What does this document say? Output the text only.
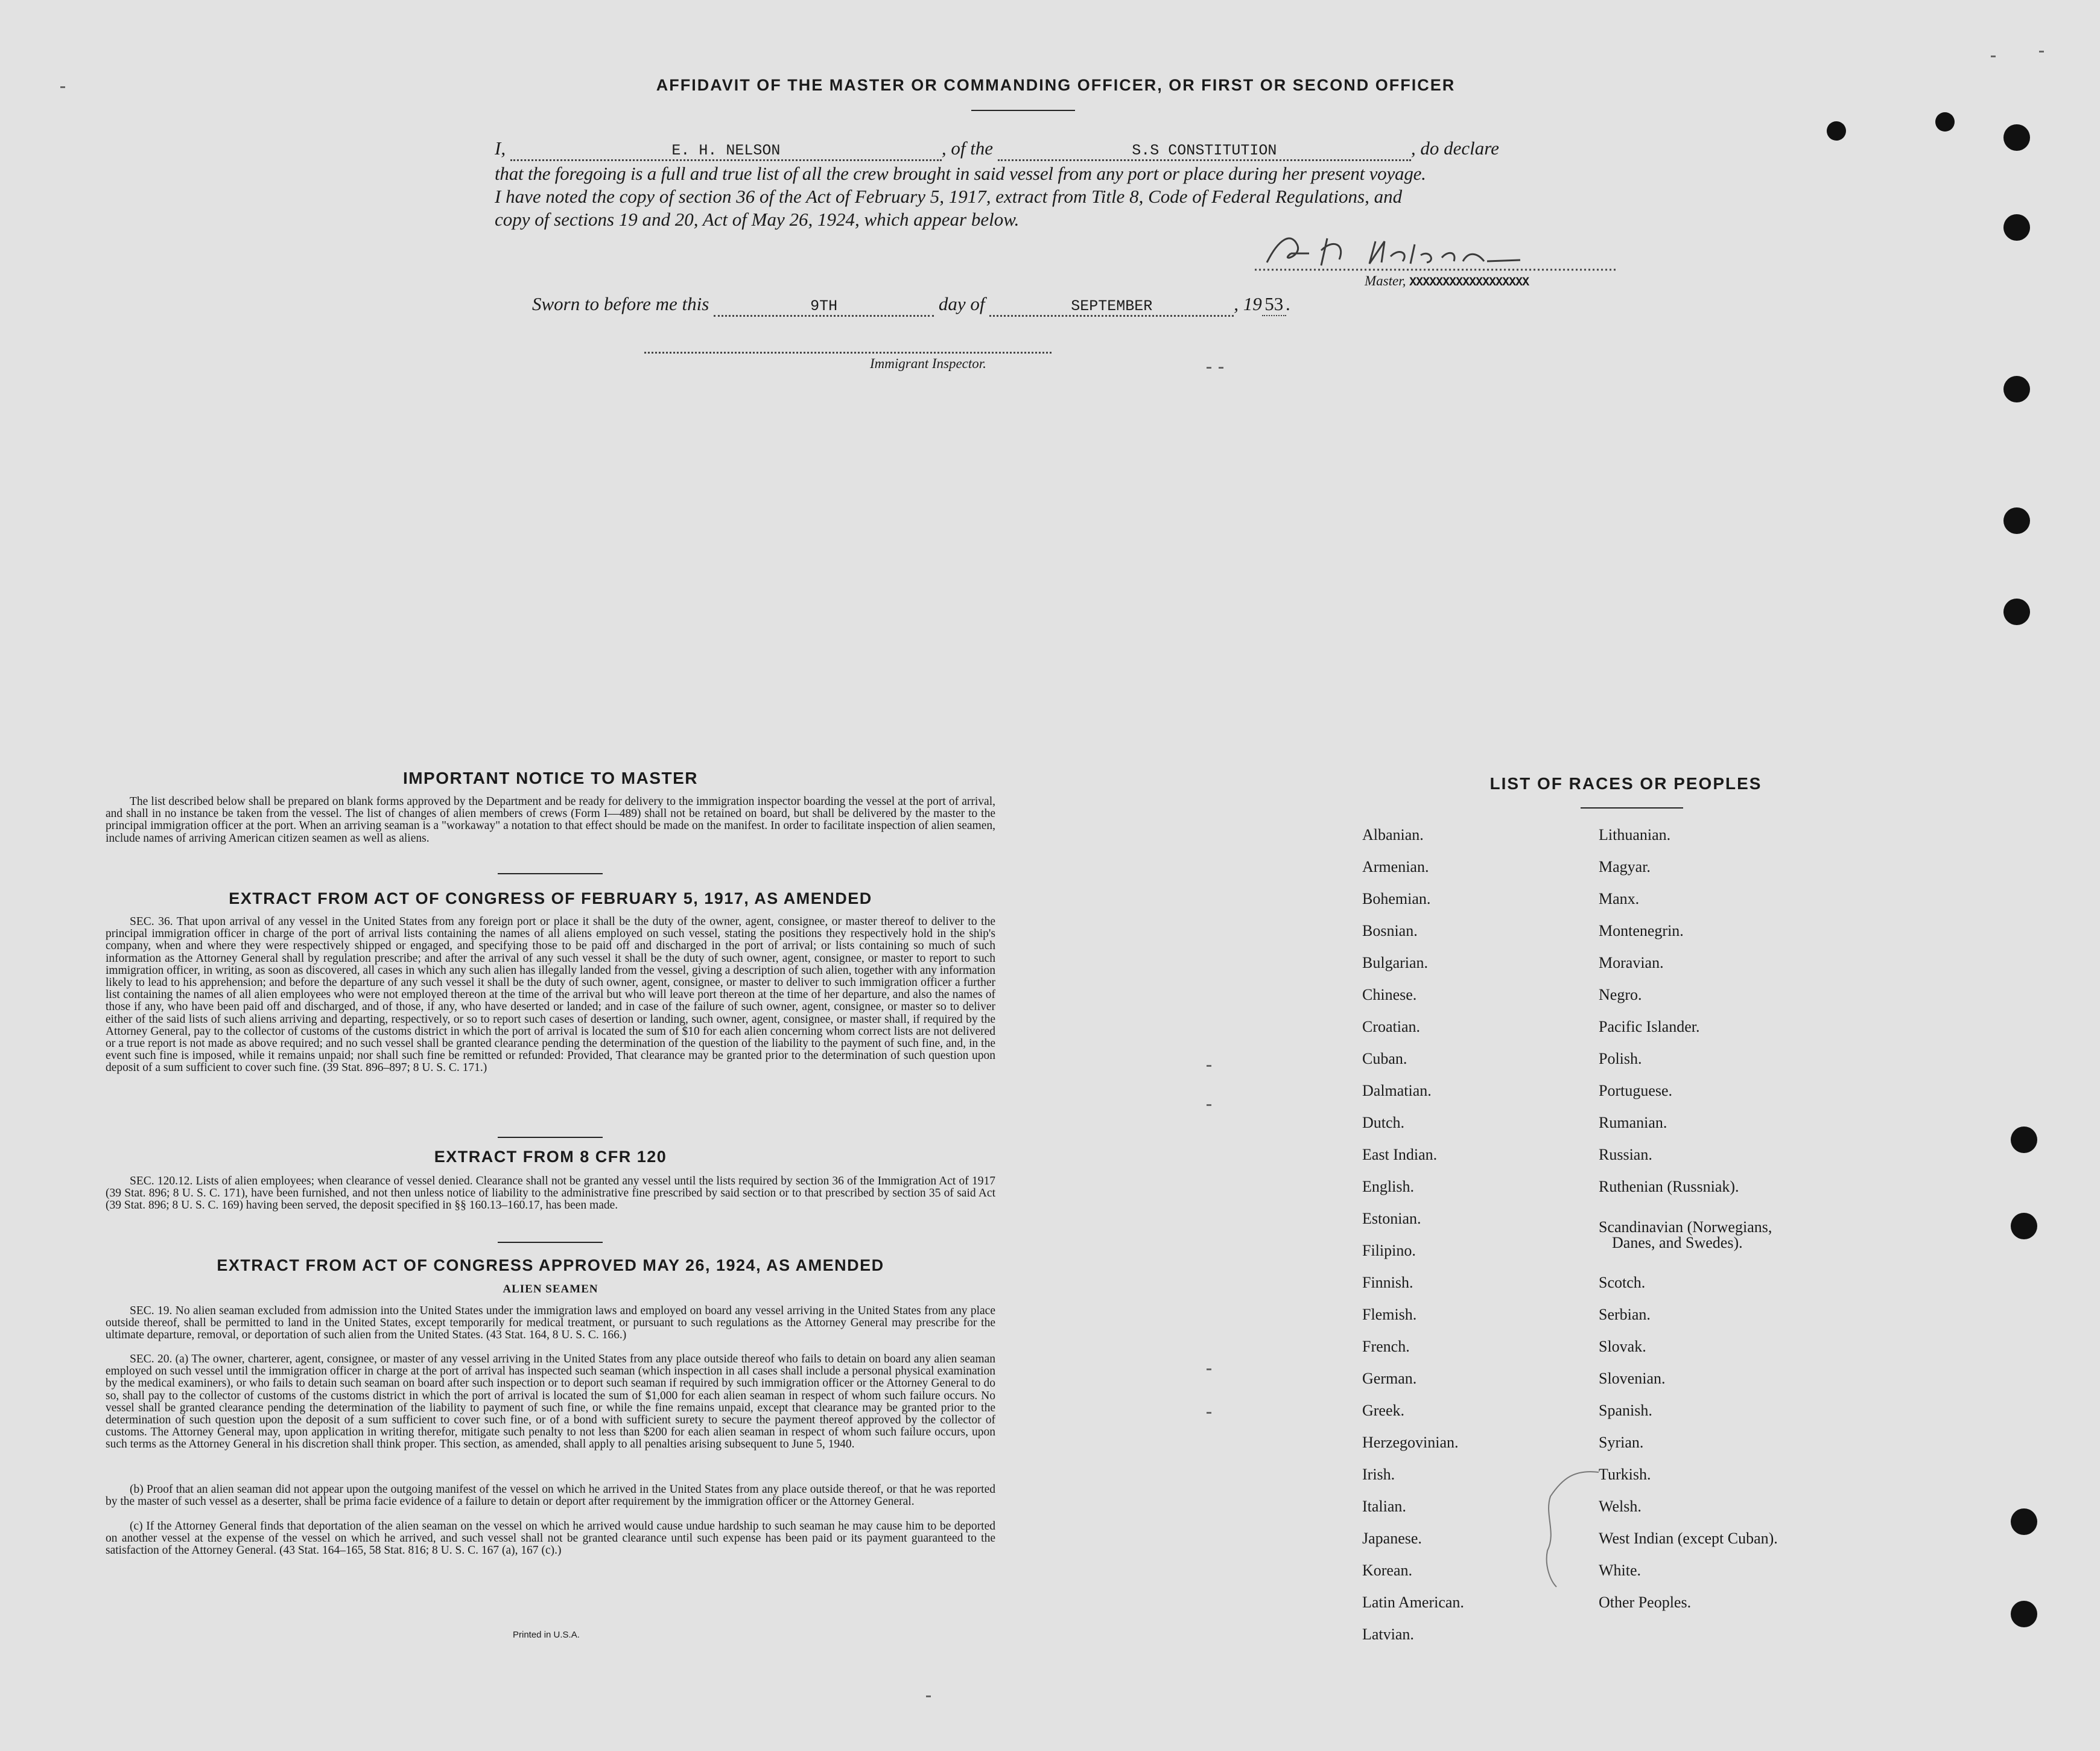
AFFIDAVIT OF THE MASTER OR COMMANDING OFFICER, OR FIRST OR SECOND OFFICER
I,	E. H. NELSON	, of the	S.S CONSTITUTION	, do declare
that the foregoing is a full and true list of all the crew brought in said vessel from any port or place during her present voyage.
I have noted the copy of section 36 of the Act of February 5, 1917, extract from Title 8, Code of Federal Regulations, and
copy of sections 19 and 20, Act of May 26, 1924, which appear below.
Master, XXXXXXXXXXXXXXXXXX
Sworn to before me this	9TH	day of	SEPTEMBER	, 19 53 .
Immigrant Inspector.
IMPORTANT NOTICE TO MASTER
The list described below shall be prepared on blank forms approved by the Department and be ready for delivery to the immigration inspector boarding the vessel at the port of arrival, and shall in no instance be taken from the vessel. The list of changes of alien members of crews (Form I—489) shall not be retained on board, but shall be delivered by the master to the principal immigration officer at the port. When an arriving seaman is a "workaway" a notation to that effect should be made on the manifest. In order to facilitate inspection of alien seamen, include names of arriving American citizen seamen as well as aliens.
EXTRACT FROM ACT OF CONGRESS OF FEBRUARY 5, 1917, AS AMENDED
SEC. 36. That upon arrival of any vessel in the United States from any foreign port or place it shall be the duty of the owner, agent, consignee, or master thereof to deliver to the principal immigration officer in charge of the port of arrival lists containing the names of all aliens employed on such vessel, stating the positions they respectively hold in the ship's company, when and where they were respectively shipped or engaged, and specifying those to be paid off and discharged in the port of arrival; or lists containing so much of such information as the Attorney General shall by regulation prescribe; and after the arrival of any such vessel it shall be the duty of such owner, agent, consignee, or master to report to such immigration officer, in writing, as soon as discovered, all cases in which any such alien has illegally landed from the vessel, giving a description of such alien, together with any information likely to lead to his apprehension; and before the departure of any such vessel it shall be the duty of such owner, agent, consignee, or master to deliver to such immigration officer a further list containing the names of all alien employees who were not employed thereon at the time of the arrival but who will leave port thereon at the time of her departure, and also the names of those if any, who have been paid off and discharged, and of those, if any, who have deserted or landed; and in case of the failure of such owner, agent, consignee, or master so to deliver either of the said lists of such aliens arriving and departing, respectively, or so to report such cases of desertion or landing, such owner, agent, consignee, or master shall, if required by the Attorney General, pay to the collector of customs of the customs district in which the port of arrival is located the sum of $10 for each alien concerning whom correct lists are not delivered or a true report is not made as above required; and no such vessel shall be granted clearance pending the determination of the question of the liability to the payment of such fine, and, in the event such fine is imposed, while it remains unpaid; nor shall such fine be remitted or refunded: Provided, That clearance may be granted prior to the determination of such question upon deposit of a sum sufficient to cover such fine. (39 Stat. 896–897; 8 U. S. C. 171.)
EXTRACT FROM 8 CFR 120
SEC. 120.12. Lists of alien employees; when clearance of vessel denied. Clearance shall not be granted any vessel until the lists required by section 36 of the Immigration Act of 1917 (39 Stat. 896; 8 U. S. C. 171), have been furnished, and not then unless notice of liability to the administrative fine prescribed by said section or to that prescribed by section 35 of said Act (39 Stat. 896; 8 U. S. C. 169) having been served, the deposit specified in §§ 160.13–160.17, has been made.
EXTRACT FROM ACT OF CONGRESS APPROVED MAY 26, 1924, AS AMENDED
ALIEN SEAMEN
SEC. 19. No alien seaman excluded from admission into the United States under the immigration laws and employed on board any vessel arriving in the United States from any place outside thereof, shall be permitted to land in the United States, except temporarily for medical treatment, or pursuant to such regulations as the Attorney General may prescribe for the ultimate departure, removal, or deportation of such alien from the United States. (43 Stat. 164, 8 U. S. C. 166.)
SEC. 20. (a) The owner, charterer, agent, consignee, or master of any vessel arriving in the United States from any place outside thereof who fails to detain on board any alien seaman employed on such vessel until the immigration officer in charge at the port of arrival has inspected such seaman (which inspection in all cases shall include a personal physical examination by the medical examiners), or who fails to detain such seaman on board after such inspection or to deport such seaman if required by such immigration officer or the Attorney General to do so, shall pay to the collector of customs of the customs district in which the port of arrival is located the sum of $1,000 for each alien seaman in respect of whom such failure occurs. No vessel shall be granted clearance pending the determination of the liability to payment of such fine, or while the fine remains unpaid, except that clearance may be granted prior to the determination of such question upon the deposit of a sum sufficient to cover such fine, or of a bond with sufficient surety to secure the payment thereof approved by the collector of customs. The Attorney General may, upon application in writing therefor, mitigate such penalty to not less than $200 for each alien seaman in respect of whom such failure occurs, upon such terms as the Attorney General in his discretion shall think proper. This section, as amended, shall apply to all penalties arising subsequent to June 5, 1940.
(b) Proof that an alien seaman did not appear upon the outgoing manifest of the vessel on which he arrived in the United States from any place outside thereof, or that he was reported by the master of such vessel as a deserter, shall be prima facie evidence of a failure to detain or deport after requirement by the immigration officer or the Attorney General.
(c) If the Attorney General finds that deportation of the alien seaman on the vessel on which he arrived would cause undue hardship to such seaman he may cause him to be deported on another vessel at the expense of the vessel on which he arrived, and such vessel shall not be granted clearance until such expense has been paid or its payment guaranteed to the satisfaction of the Attorney General. (43 Stat. 164–165, 58 Stat. 816; 8 U. S. C. 167 (a), 167 (c).)
Printed in U.S.A.
LIST OF RACES OR PEOPLES
Albanian.
Armenian.
Bohemian.
Bosnian.
Bulgarian.
Chinese.
Croatian.
Cuban.
Dalmatian.
Dutch.
East Indian.
English.
Estonian.
Filipino.
Finnish.
Flemish.
French.
German.
Greek.
Herzegovinian.
Irish.
Italian.
Japanese.
Korean.
Latin American.
Latvian.
Lithuanian.
Magyar.
Manx.
Montenegrin.
Moravian.
Negro.
Pacific Islander.
Polish.
Portuguese.
Rumanian.
Russian.
Ruthenian (Russniak).
Scandinavian (Norwegians,
Danes, and Swedes).
Scotch.
Serbian.
Slovak.
Slovenian.
Spanish.
Syrian.
Turkish.
Welsh.
West Indian (except Cuban).
White.
Other Peoples.
